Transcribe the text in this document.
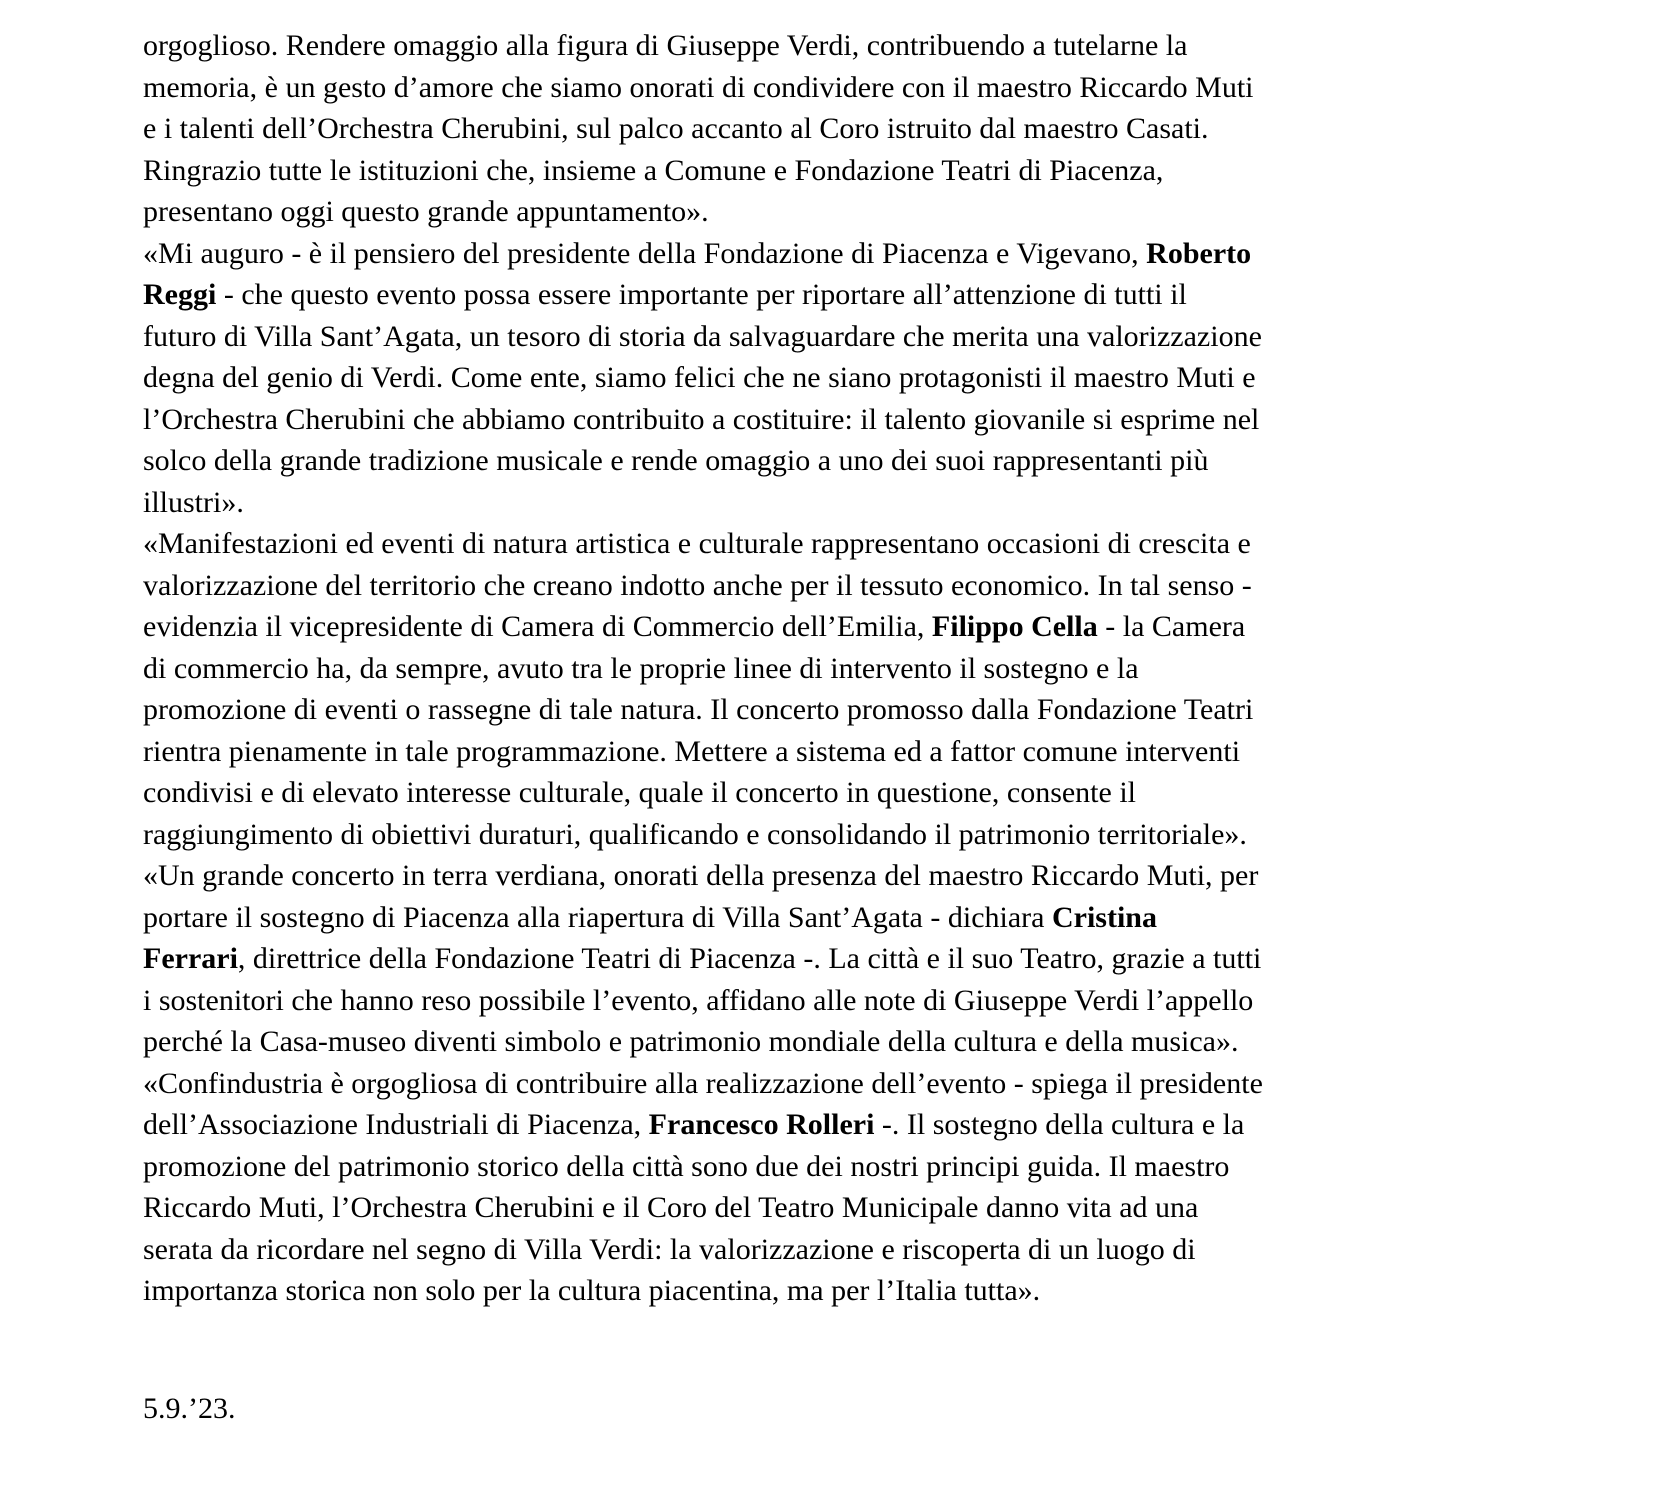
orgoglioso. Rendere omaggio alla figura di Giuseppe Verdi, contribuendo a tutelarne la
memoria, è un gesto d’amore che siamo onorati di condividere con il maestro Riccardo Muti
e i talenti dell’Orchestra Cherubini, sul palco accanto al Coro istruito dal maestro Casati.
Ringrazio tutte le istituzioni che, insieme a Comune e Fondazione Teatri di Piacenza,
presentano oggi questo grande appuntamento».
«Mi auguro - è il pensiero del presidente della Fondazione di Piacenza e Vigevano, Roberto
Reggi - che questo evento possa essere importante per riportare all’attenzione di tutti il
futuro di Villa Sant’Agata, un tesoro di storia da salvaguardare che merita una valorizzazione
degna del genio di Verdi. Come ente, siamo felici che ne siano protagonisti il maestro Muti e
l’Orchestra Cherubini che abbiamo contribuito a costituire: il talento giovanile si esprime nel
solco della grande tradizione musicale e rende omaggio a uno dei suoi rappresentanti più
illustri».
«Manifestazioni ed eventi di natura artistica e culturale rappresentano occasioni di crescita e
valorizzazione del territorio che creano indotto anche per il tessuto economico. In tal senso -
evidenzia il vicepresidente di Camera di Commercio dell’Emilia, Filippo Cella - la Camera
di commercio ha, da sempre, avuto tra le proprie linee di intervento il sostegno e la
promozione di eventi o rassegne di tale natura. Il concerto promosso dalla Fondazione Teatri
rientra pienamente in tale programmazione. Mettere a sistema ed a fattor comune interventi
condivisi e di elevato interesse culturale, quale il concerto in questione, consente il
raggiungimento di obiettivi duraturi, qualificando e consolidando il patrimonio territoriale».
«Un grande concerto in terra verdiana, onorati della presenza del maestro Riccardo Muti, per
portare il sostegno di Piacenza alla riapertura di Villa Sant’Agata - dichiara Cristina
Ferrari, direttrice della Fondazione Teatri di Piacenza -. La città e il suo Teatro, grazie a tutti
i sostenitori che hanno reso possibile l’evento, affidano alle note di Giuseppe Verdi l’appello
perché la Casa-museo diventi simbolo e patrimonio mondiale della cultura e della musica».
«Confindustria è orgogliosa di contribuire alla realizzazione dell’evento - spiega il presidente
dell’Associazione Industriali di Piacenza, Francesco Rolleri -. Il sostegno della cultura e la
promozione del patrimonio storico della città sono due dei nostri principi guida. Il maestro
Riccardo Muti, l’Orchestra Cherubini e il Coro del Teatro Municipale danno vita ad una
serata da ricordare nel segno di Villa Verdi: la valorizzazione e riscoperta di un luogo di
importanza storica non solo per la cultura piacentina, ma per l’Italia tutta».
5.9.’23.
